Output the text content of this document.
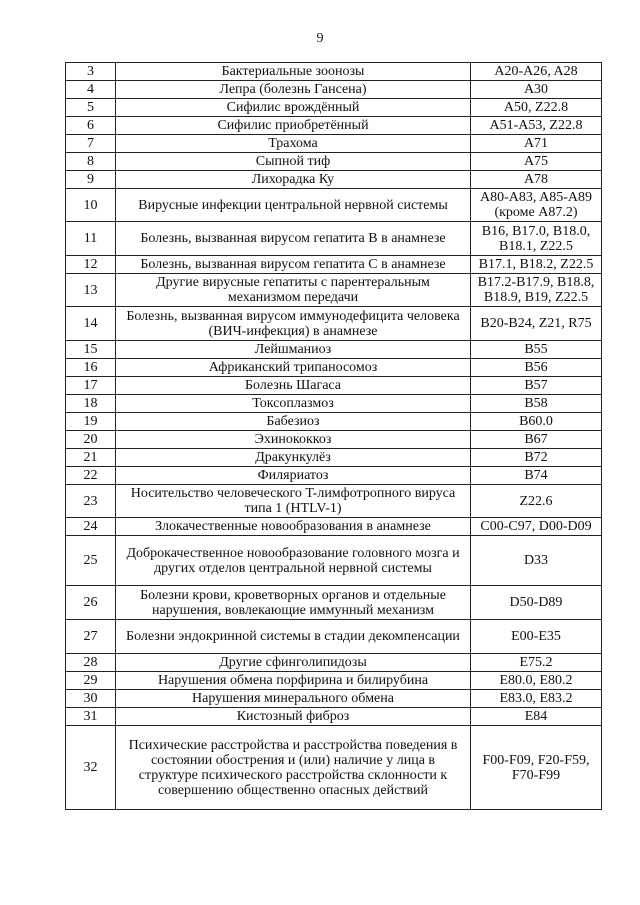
9
3	Бактериальные зоонозы	A20-A26, A28
4	Лепра (болезнь Гансена)	A30
5	Сифилис врождённый	A50, Z22.8
6	Сифилис приобретённый	A51-A53, Z22.8
7	Трахома	A71
8	Сыпной тиф	A75
9	Лихорадка Ку	A78
10	Вирусные инфекции центральной нервной системы	A80-A83, A85-A89 (кроме A87.2)
11	Болезнь, вызванная вирусом гепатита B в анамнезе	B16, B17.0, B18.0, B18.1, Z22.5
12	Болезнь, вызванная вирусом гепатита C в анамнезе	B17.1, B18.2, Z22.5
13	Другие вирусные гепатиты с парентеральным механизмом передачи	B17.2-B17.9, B18.8, B18.9, B19, Z22.5
14	Болезнь, вызванная вирусом иммунодефицита человека (ВИЧ-инфекция) в анамнезе	B20-B24, Z21, R75
15	Лейшманиоз	B55
16	Африканский трипаносомоз	B56
17	Болезнь Шагаса	B57
18	Токсоплазмоз	B58
19	Бабезиоз	B60.0
20	Эхинококкоз	B67
21	Дракункулёз	B72
22	Филяриатоз	B74
23	Носительство человеческого T-лимфотропного вируса типа 1 (HTLV-1)	Z22.6
24	Злокачественные новообразования в анамнезе	C00-C97, D00-D09
25	Доброкачественное новообразование головного мозга и других отделов центральной нервной системы	D33
26	Болезни крови, кроветворных органов и отдельные нарушения, вовлекающие иммунный механизм	D50-D89
27	Болезни эндокринной системы в стадии декомпенсации	E00-E35
28	Другие сфинголипидозы	E75.2
29	Нарушения обмена порфирина и билирубина	E80.0, E80.2
30	Нарушения минерального обмена	E83.0, E83.2
31	Кистозный фиброз	E84
32	Психические расстройства и расстройства поведения в состоянии обострения и (или) наличие у лица в структуре психического расстройства склонности к совершению общественно опасных действий	F00-F09, F20-F59, F70-F99
